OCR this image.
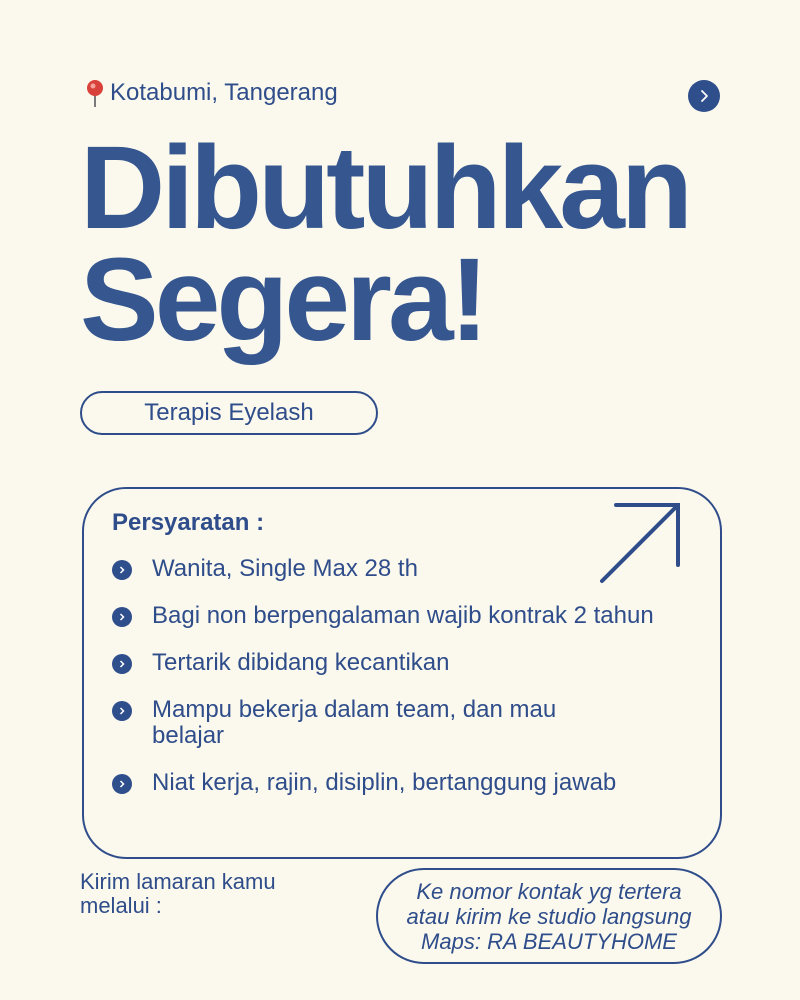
Kotabumi, Tangerang
Dibutuhkan
Segera!
Terapis Eyelash
Persyaratan :
Wanita, Single Max 28 th
Bagi non berpengalaman wajib kontrak 2 tahun
Tertarik dibidang kecantikan
Mampu bekerja dalam team, dan mau belajar
Niat kerja, rajin, disiplin, bertanggung jawab
Kirim lamaran kamu melalui :
Ke nomor kontak yg tertera
atau kirim ke studio langsung
Maps: RA BEAUTYHOME
